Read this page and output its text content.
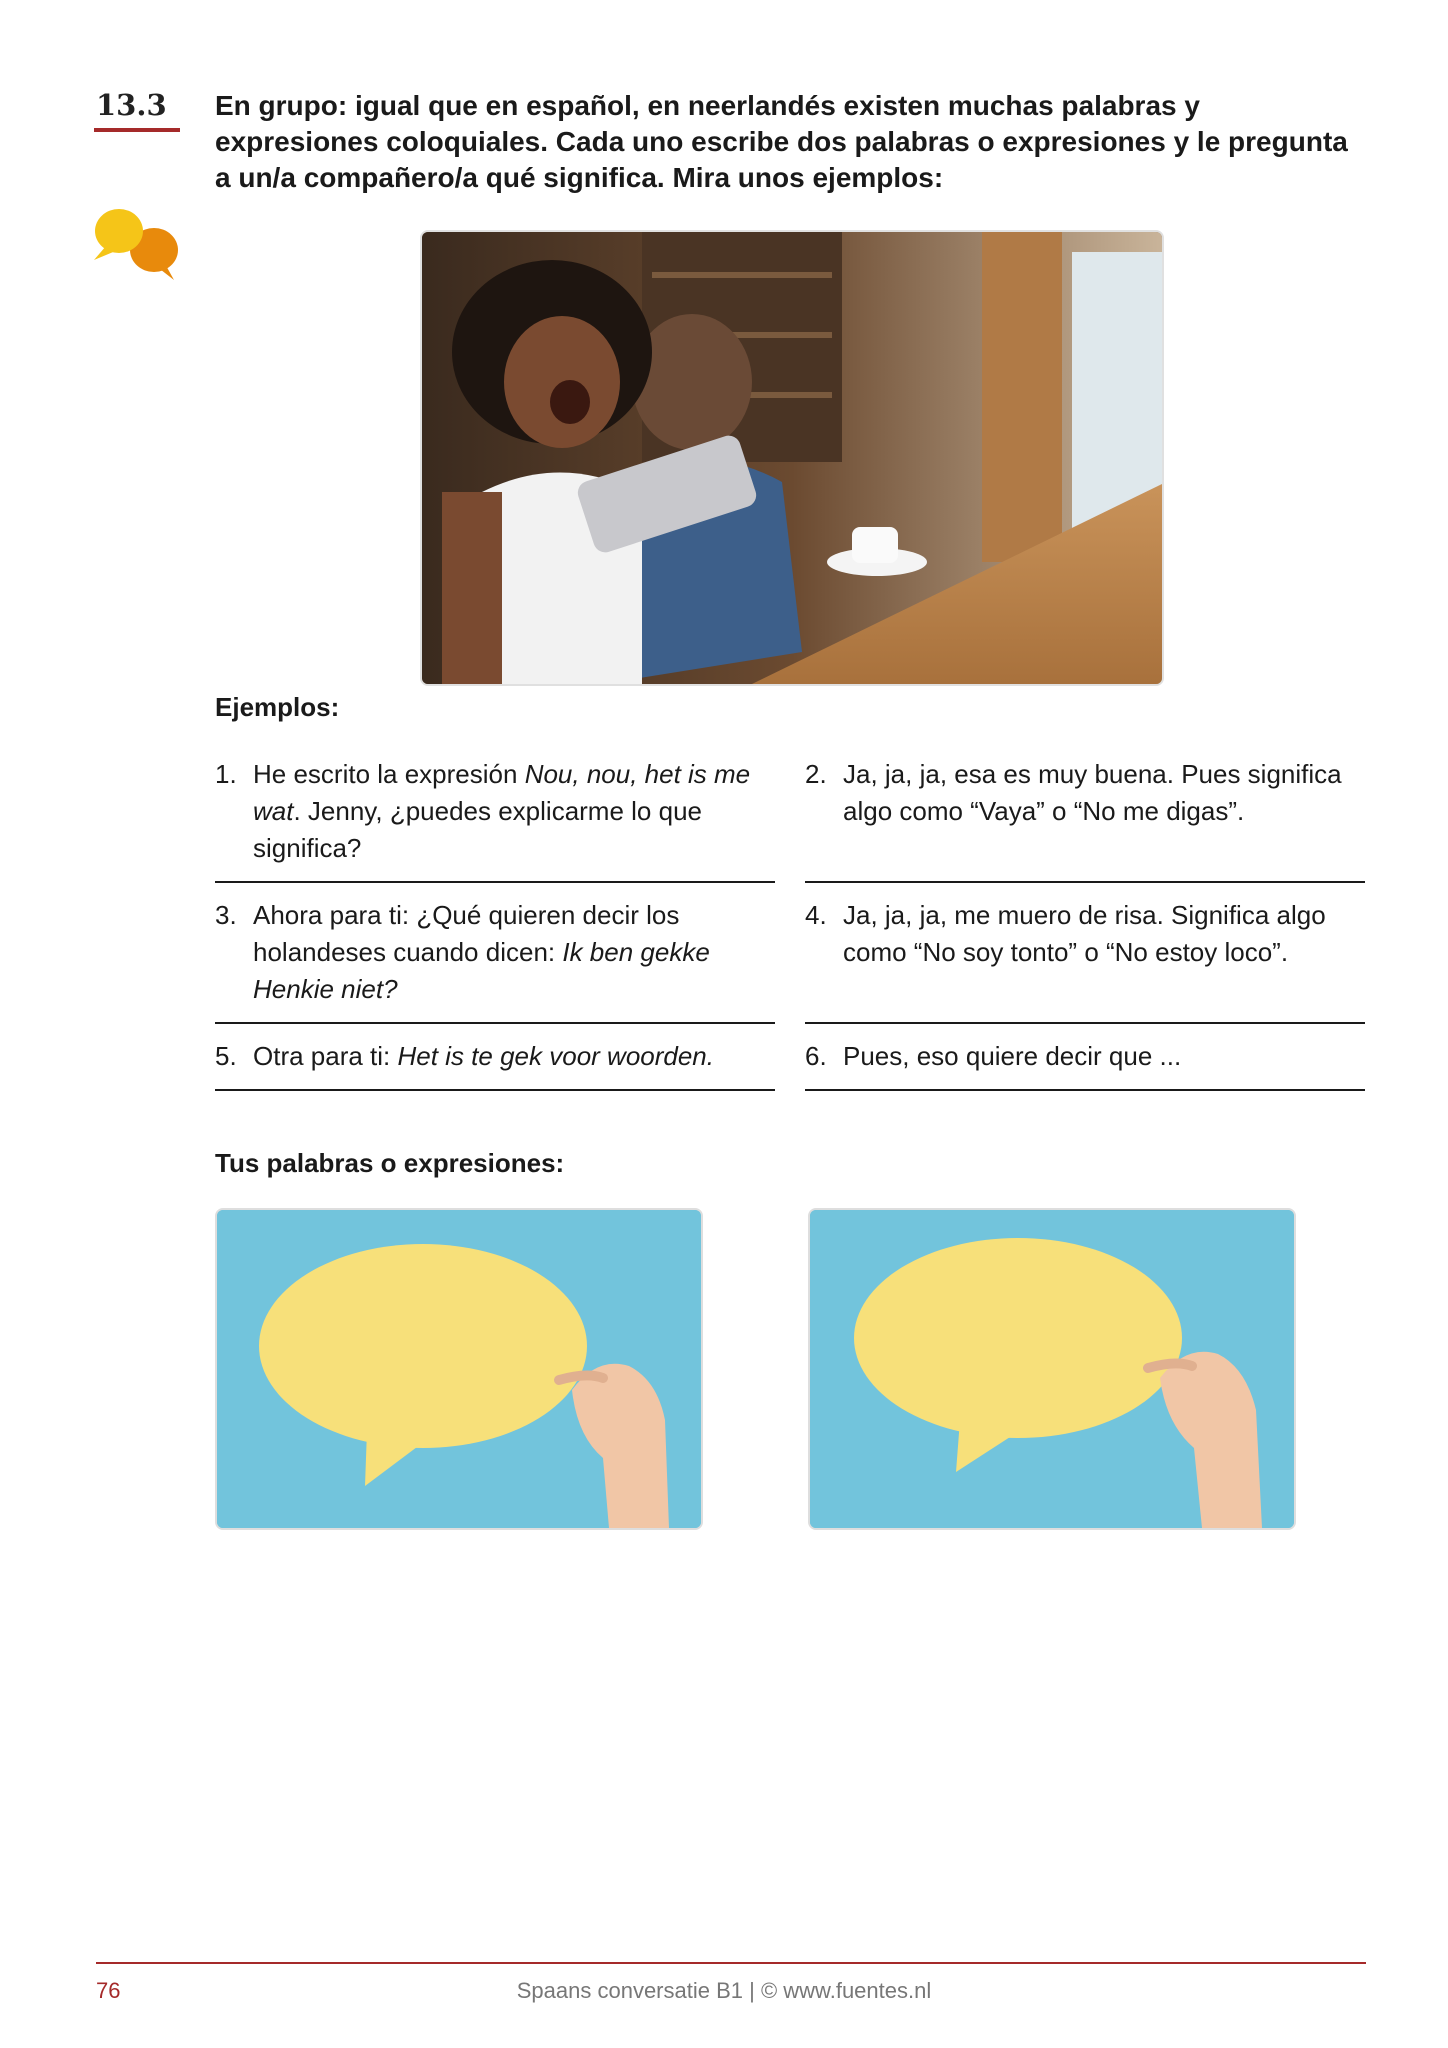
13.3	En grupo: igual que en español, en neerlandés existen muchas palabras y expresiones coloquiales. Cada uno escribe dos palabras o expresiones y le pregunta a un/a compañero/a qué significa. Mira unos ejemplos:

Ejemplos:
1. He escrito la expresión Nou, nou, het is me wat. Jenny, ¿puedes explicarme lo que significa?
2. Ja, ja, ja, esa es muy buena. Pues significa algo como “Vaya” o “No me digas”.
3. Ahora para ti: ¿Qué quieren decir los holandeses cuando dicen: Ik ben gekke Henkie niet?
4. Ja, ja, ja, me muero de risa. Significa algo como “No soy tonto” o “No estoy loco”.
5. Otra para ti: Het is te gek voor woorden.	6. Pues, eso quiere decir que ...
Tus palabras o expresiones:
76	Spaans conversatie B1 | © www.fuentes.nl
